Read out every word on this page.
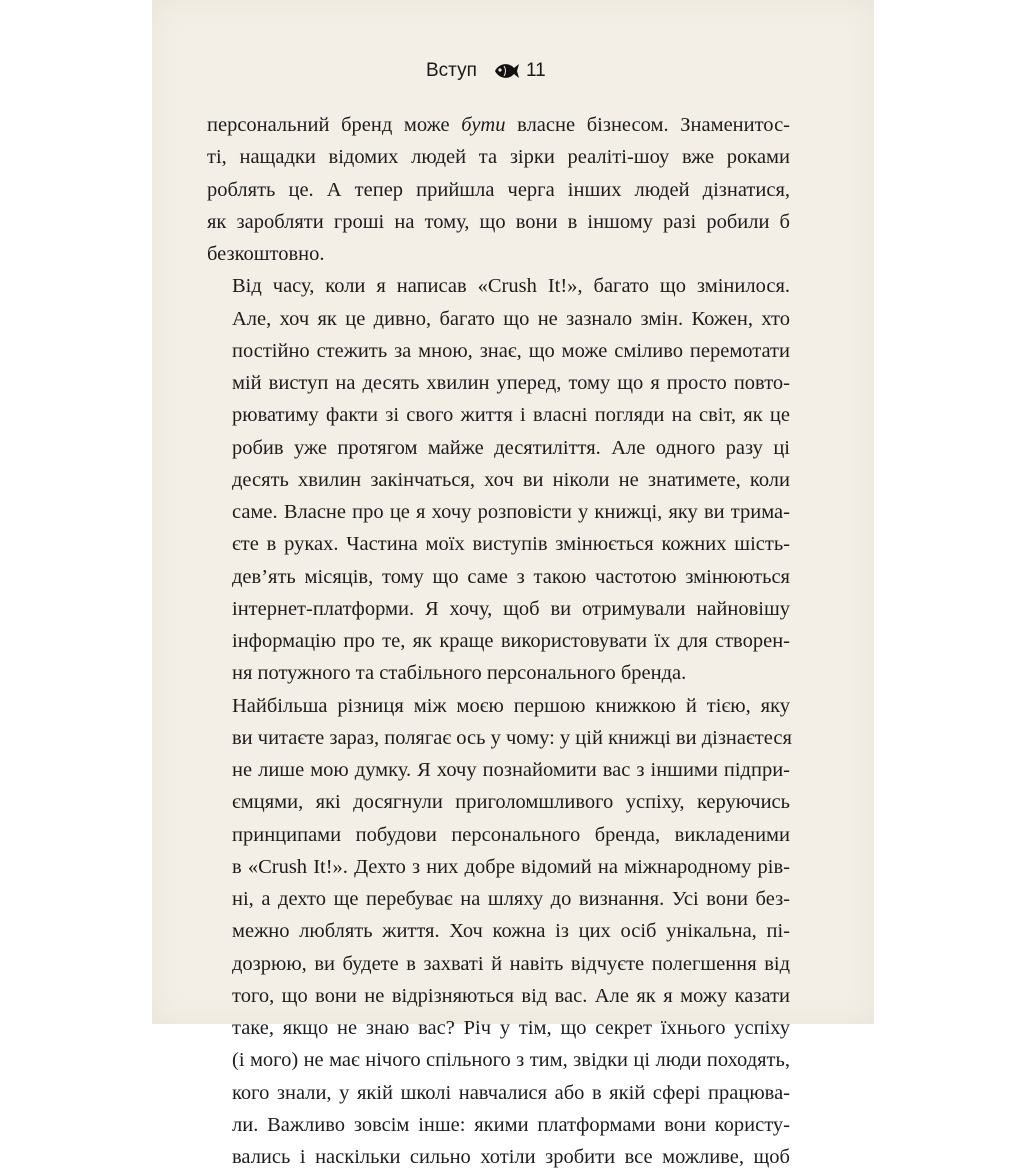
Вступ	11
персональний бренд може бути власне бізнесом. Знаменитос-
ті, нащадки відомих людей та зірки реаліті-шоу вже роками
роблять це. А тепер прийшла черга інших людей дізнатися,
як заробляти гроші на тому, що вони в іншому разі робили б
безкоштовно.
Від часу, коли я написав «Crush It!», багато що змінилося.
Але, хоч як це дивно, багато що не зазнало змін. Кожен, хто
постійно стежить за мною, знає, що може сміливо перемотати
мій виступ на десять хвилин уперед, тому що я просто повто-
рюватиму факти зі свого життя і власні погляди на світ, як це
робив уже протягом майже десятиліття. Але одного разу ці
десять хвилин закінчаться, хоч ви ніколи не знатимете, коли
саме. Власне про це я хочу розповісти у книжці, яку ви трима-
єте в руках. Частина моїх виступів змінюється кожних шість-
дев’ять місяців, тому що саме з такою частотою змінюються
інтернет-платформи. Я хочу, щоб ви отримували найновішу
інформацію про те, як краще використовувати їх для створен-
ня потужного та стабільного персонального бренда.
Найбільша різниця між моєю першою книжкою й тією, яку
ви читаєте зараз, полягає ось у чому: у цій книжці ви дізнаєтеся
не лише мою думку. Я хочу познайомити вас з іншими підпри-
ємцями, які досягнули приголомшливого успіху, керуючись
принципами побудови персонального бренда, викладеними
в «Crush It!». Дехто з них добре відомий на міжнародному рів-
ні, а дехто ще перебуває на шляху до визнання. Усі вони без-
межно люблять життя. Хоч кожна із цих осіб унікальна, пі-
дозрюю, ви будете в захваті й навіть відчуєте полегшення від
того, що вони не відрізняються від вас. Але як я можу казати
таке, якщо не знаю вас? Річ у тім, що секрет їхнього успіху
(і мого) не має нічого спільного з тим, звідки ці люди походять,
кого знали, у якій школі навчалися або в якій сфері працюва-
ли. Важливо зовсім інше: якими платформами вони користу-
вались і наскільки сильно хотіли зробити все можливе, щоб
